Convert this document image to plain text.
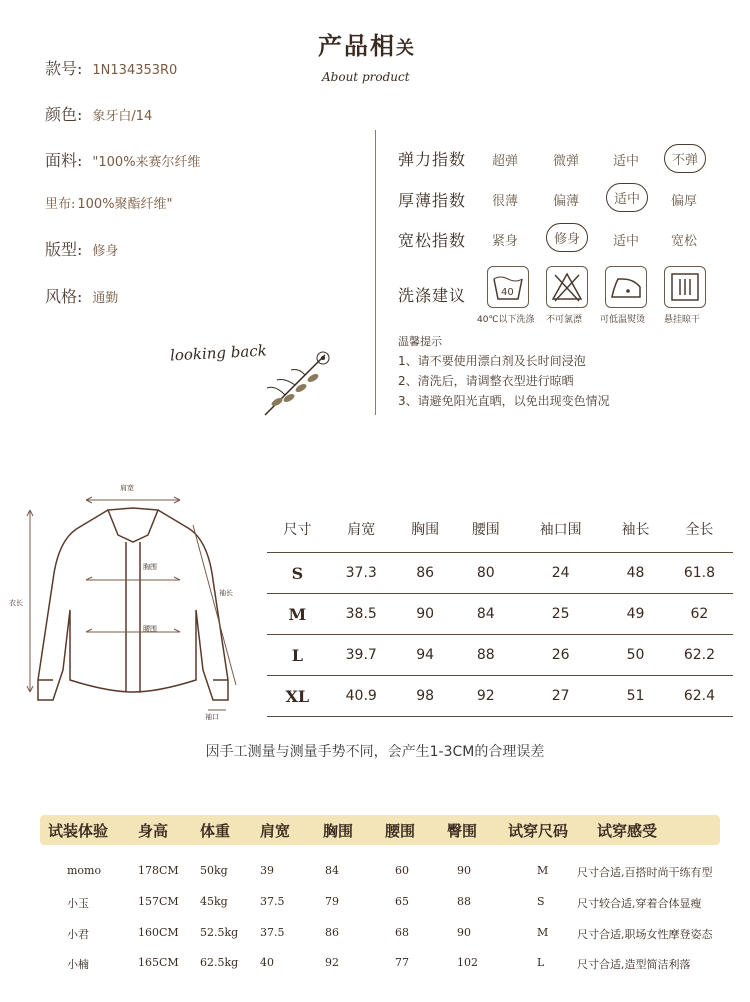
产品相关
About product
款号: 1N134353R0
颜色: 象牙白/14
面料: "100%来赛尔纤维
里布: 100%聚酯纤维"
版型: 修身
风格: 通勤
looking back
弹力指数 超弹	微弹	适中	不弹
厚薄指数 很薄	偏薄	适中	偏厚
宽松指数 紧身	修身	适中 宽松
洗涤建议	40
40℃以下洗涤 不可氯漂 可低温熨烫 悬挂晾干
温馨提示
1、请不要使用漂白剂及长时间浸泡
2、清洗后，请调整衣型进行晾晒
3、请避免阳光直晒，以免出现变色情况
肩宽
胸围
腰围
衣长
袖长
袖口
尺寸	肩宽	胸围	腰围	袖口围	袖长	全长
S	37.3	86	80	24	48	61.8
M	38.5	90	84	25	49	62
L	39.7	94	88	26	50	62.2
XL	40.9	98	92	27	51	62.4
因手工测量与测量手势不同，会产生1-3CM的合理误差
试装体验 身高 体重 肩宽 胸围 腰围 臀围 试穿尺码 试穿感受
momo	178CM 50kg	39	84	60	90	M	尺寸合适,百搭时尚干练有型
小玉	157CM 45kg	37.5	79	65	88	S	尺寸较合适,穿着合体显瘦
小君	160CM 52.5kg 37.5	86	68	90	M	尺寸合适,职场女性摩登姿态
小楠	165CM 62.5kg 40	92	77	102	L	尺寸合适,造型简洁利落
